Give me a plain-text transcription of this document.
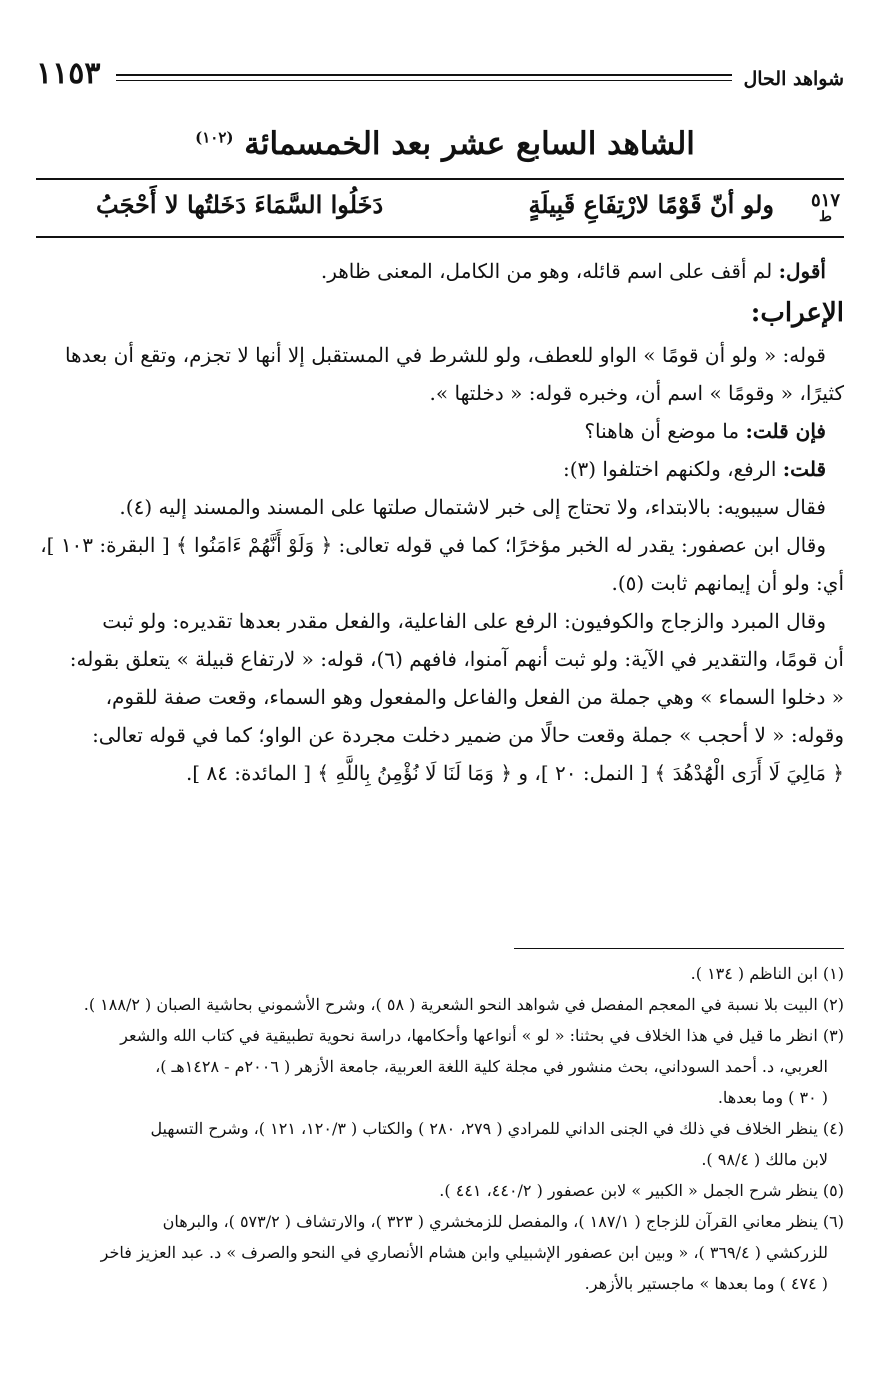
شواهد الحال
١١٥٣
الشاهد السابع عشر بعد الخمسمائة $^{(١٠٢)}$
٥١٧
ط
ولو أنّ قَوْمًا لارْتِفَاعِ قَبِيلَةٍ
دَخَلُوا السَّمَاءَ دَخَلتُها لا أَحْجَبُ

أقول: لم أقف على اسم قائله، وهو من الكامل، المعنى ظاهر.

الإعراب:

قوله: « ولو أن قومًا » الواو للعطف، ولو للشرط في المستقبل إلا أنها لا تجزم، وتقع أن بعدها

كثيرًا، « وقومًا » اسم أن، وخبره قوله: « دخلتها ».

فإن قلت: ما موضع أن هاهنا؟

قلت: الرفع، ولكنهم اختلفوا (٣):

فقال سيبويه: بالابتداء، ولا تحتاج إلى خبر لاشتمال صلتها على المسند والمسند إليه (٤).

وقال ابن عصفور: يقدر له الخبر مؤخرًا؛ كما في قوله تعالى: ﴿ وَلَوْ أَنَّهُمْ ءَامَنُوا ﴾ [ البقرة: ١٠٣ ]،

أي: ولو أن إيمانهم ثابت (٥).

وقال المبرد والزجاج والكوفيون: الرفع على الفاعلية، والفعل مقدر بعدها تقديره: ولو ثبت

أن قومًا، والتقدير في الآية: ولو ثبت أنهم آمنوا، فافهم (٦)، قوله: « لارتفاع قبيلة » يتعلق بقوله:

« دخلوا السماء » وهي جملة من الفعل والفاعل والمفعول وهو السماء، وقعت صفة للقوم،

وقوله: « لا أحجب » جملة وقعت حالًا من ضمير دخلت مجردة عن الواو؛ كما في قوله تعالى:

﴿ مَالِيَ لَا أَرَى الْهُدْهُدَ ﴾ [ النمل: ٢٠ ]، و ﴿ وَمَا لَنَا لَا نُؤْمِنُ بِاللَّهِ ﴾ [ المائدة: ٨٤ ].

(١) ابن الناظم ( ١٣٤ ).

(٢) البيت بلا نسبة في المعجم المفصل في شواهد النحو الشعرية ( ٥٨ )، وشرح الأشموني بحاشية الصبان ( ١٨٨/٢ ).

(٣) انظر ما قيل في هذا الخلاف في بحثنا: « لو » أنواعها وأحكامها، دراسة نحوية تطبيقية في كتاب الله والشعر

العربي، د. أحمد السوداني، بحث منشور في مجلة كلية اللغة العربية، جامعة الأزهر ( ٢٠٠٦م - ١٤٢٨هـ )،

( ٣٠ ) وما بعدها.

(٤) ينظر الخلاف في ذلك في الجنى الداني للمرادي ( ٢٧٩، ٢٨٠ ) والكتاب ( ١٢٠/٣، ١٢١ )، وشرح التسهيل

لابن مالك ( ٩٨/٤ ).

(٥) ينظر شرح الجمل « الكبير » لابن عصفور ( ٤٤٠/٢، ٤٤١ ).

(٦) ينظر معاني القرآن للزجاج ( ١٨٧/١ )، والمفصل للزمخشري ( ٣٢٣ )، والارتشاف ( ٥٧٣/٢ )، والبرهان

للزركشي ( ٣٦٩/٤ )، « وبين ابن عصفور الإشبيلي وابن هشام الأنصاري في النحو والصرف » د. عبد العزيز فاخر

( ٤٧٤ ) وما بعدها » ماجستير بالأزهر.
